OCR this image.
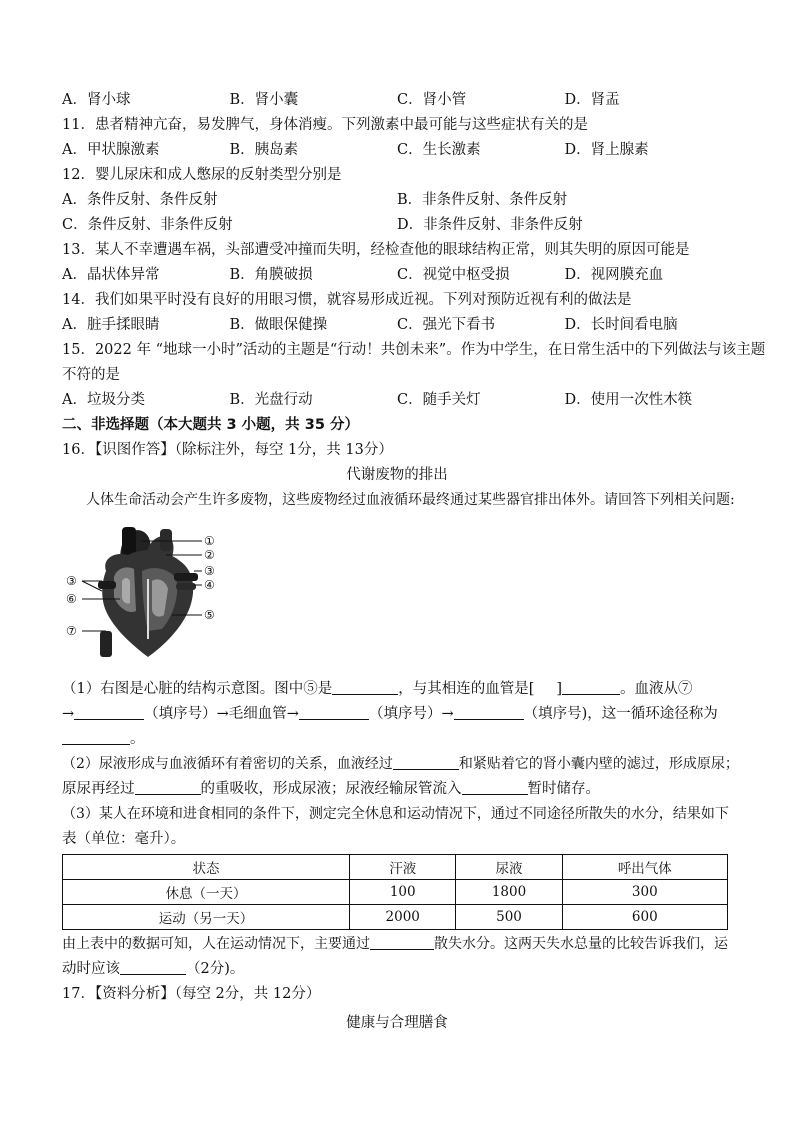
A．肾小球	B．肾小囊	C．肾小管	D．肾盂
11．患者精神亢奋，易发脾气，身体消瘦。下列激素中最可能与这些症状有关的是
A．甲状腺激素	B．胰岛素	C．生长激素	D．肾上腺素
12．婴儿尿床和成人憋尿的反射类型分别是
A．条件反射、条件反射	B．非条件反射、条件反射
C．条件反射、非条件反射	D．非条件反射、非条件反射
13．某人不幸遭遇车祸，头部遭受冲撞而失明，经检查他的眼球结构正常，则其失明的原因可能是
A．晶状体异常	B．角膜破损	C．视觉中枢受损	D．视网膜充血
14．我们如果平时没有良好的用眼习惯，就容易形成近视。下列对预防近视有利的做法是
A．脏手揉眼睛	B．做眼保健操	C．强光下看书	D．长时间看电脑
15．2022 年 “地球一小时”活动的主题是“行动！共创未来”。作为中学生，在日常生活中的下列做法与该主题
不符的是
A．垃圾分类	B．光盘行动	C．随手关灯	D．使用一次性木筷
二、非选择题（本大题共 3 小题，共 35 分）
16．【识图作答】（除标注外，每空 1分，共 13分）
代谢废物的排出
人体生命活动会产生许多废物，这些废物经过血液循环最终通过某些器官排出体外。请回答下列相关问题:
①
②
③
④
③
⑥
⑤
⑦
（1）右图是心脏的结构示意图。图中⑤是	，与其相连的血管是[ ]	。血液从⑦
→	（填序号）→毛细血管→	（填序号）→	（填序号)，这一循环途径称为
。
（2）尿液形成与血液循环有着密切的关系，血液经过	和紧贴着它的肾小囊内壁的滤过，形成原尿；
原尿再经过	的重吸收，形成尿液；尿液经输尿管流入	暂时储存。
（3）某人在环境和进食相同的条件下，测定完全休息和运动情况下，通过不同途径所散失的水分，结果如下
表（单位：毫升）。
状态	汗液	尿液	呼出气体
休息（一天）	100	1800	300
运动（另一天）	2000	500	600
由上表中的数据可知，人在运动情况下，主要通过	散失水分。这两天失水总量的比较告诉我们，运
动时应该	（2分)。
17．【资料分析】（每空 2分，共 12分）
健康与合理膳食
